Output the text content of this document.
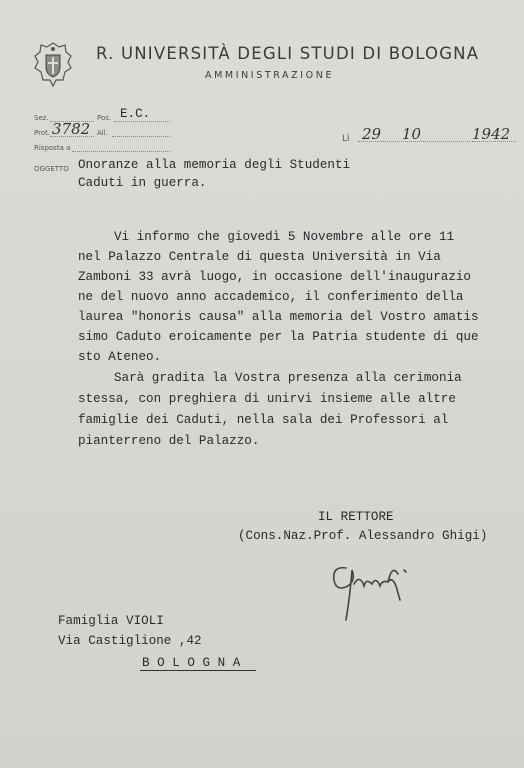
R. UNIVERSITÀ DEGLI STUDI DI BOLOGNA
AMMINISTRAZIONE
Sez.	Pos. E.C.
Prot. 3782 All.
Risposta a
Lì 29 10	1942
OGGETTO Onoranze alla memoria degli Studenti
Caduti in guerra.
Vi informo che giovedì 5 Novembre alle ore 11
nel Palazzo Centrale di questa Università in Via
Zamboni 33 avrà luogo, in occasione dell'inaugurazio
ne del nuovo anno accademico, il conferimento della
laurea "honoris causa" alla memoria del Vostro amatis
simo Caduto eroicamente per la Patria studente di que
sto Ateneo.
Sarà gradita la Vostra presenza alla cerimonia
stessa, con preghiera di unirvi insieme alle altre
famiglie dei Caduti, nella sala dei Professori al
pianterreno del Palazzo.
IL RETTORE
(Cons.Naz.Prof. Alessandro Ghigi)
Famiglia VIOLI
Via Castiglione ,42
B O L O G N A
